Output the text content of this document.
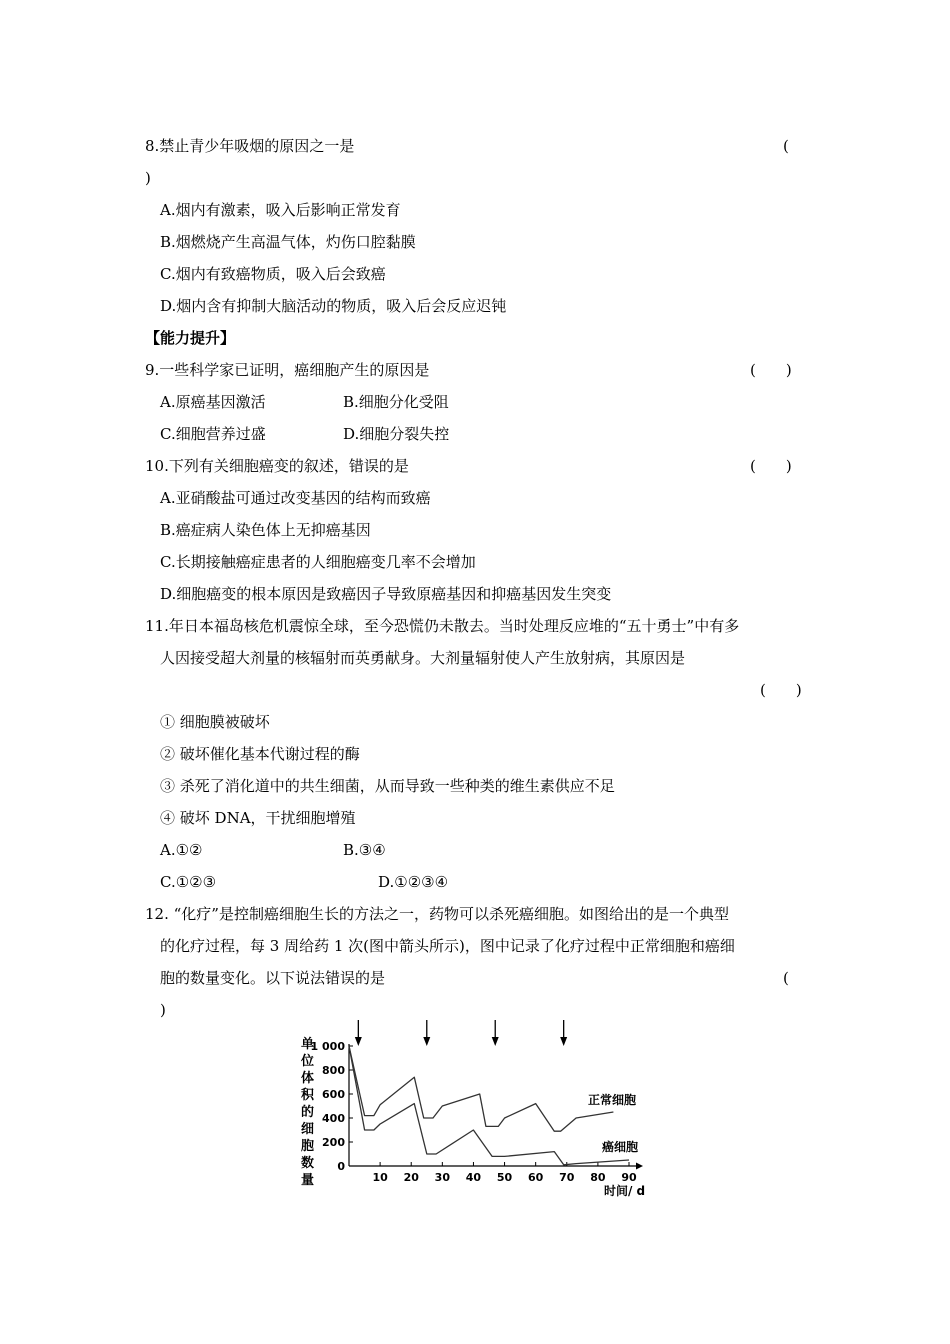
8.禁止青少年吸烟的原因之一是	(
)
A.烟内有激素，吸入后影响正常发育
B.烟燃烧产生高温气体，灼伤口腔黏膜
C.烟内有致癌物质，吸入后会致癌
D.烟内含有抑制大脑活动的物质，吸入后会反应迟钝
【能力提升】
9.一些科学家已证明，癌细胞产生的原因是	(　　)
A.原癌基因激活	B.细胞分化受阻
C.细胞营养过盛	D.细胞分裂失控
10.下列有关细胞癌变的叙述，错误的是	(　　)
A.亚硝酸盐可通过改变基因的结构而致癌
B.癌症病人染色体上无抑癌基因
C.长期接触癌症患者的人细胞癌变几率不会增加
D.细胞癌变的根本原因是致癌因子导致原癌基因和抑癌基因发生突变
11.年日本福岛核危机震惊全球，至今恐慌仍未散去。当时处理反应堆的“五十勇士”中有多
人因接受超大剂量的核辐射而英勇献身。大剂量辐射使人产生放射病，其原因是
(　　)
① 细胞膜被破坏
② 破坏催化基本代谢过程的酶
③ 杀死了消化道中的共生细菌，从而导致一些种类的维生素供应不足
④ 破坏 DNA，干扰细胞增殖
A.①②	B.③④
C.①②③	D.①②③④
12. “化疗”是控制癌细胞生长的方法之一，药物可以杀死癌细胞。如图给出的是一个典型
的化疗过程，每 3 周给药 1 次(图中箭头所示)，图中记录了化疗过程中正常细胞和癌细
胞的数量变化。以下说法错误的是	(
)
单
位
体
积
的
细
胞
数
量
0
200
400
600
800
1 000
10 20 30 40 50 60 70 80 90
正常细胞
癌细胞
时间/ d
